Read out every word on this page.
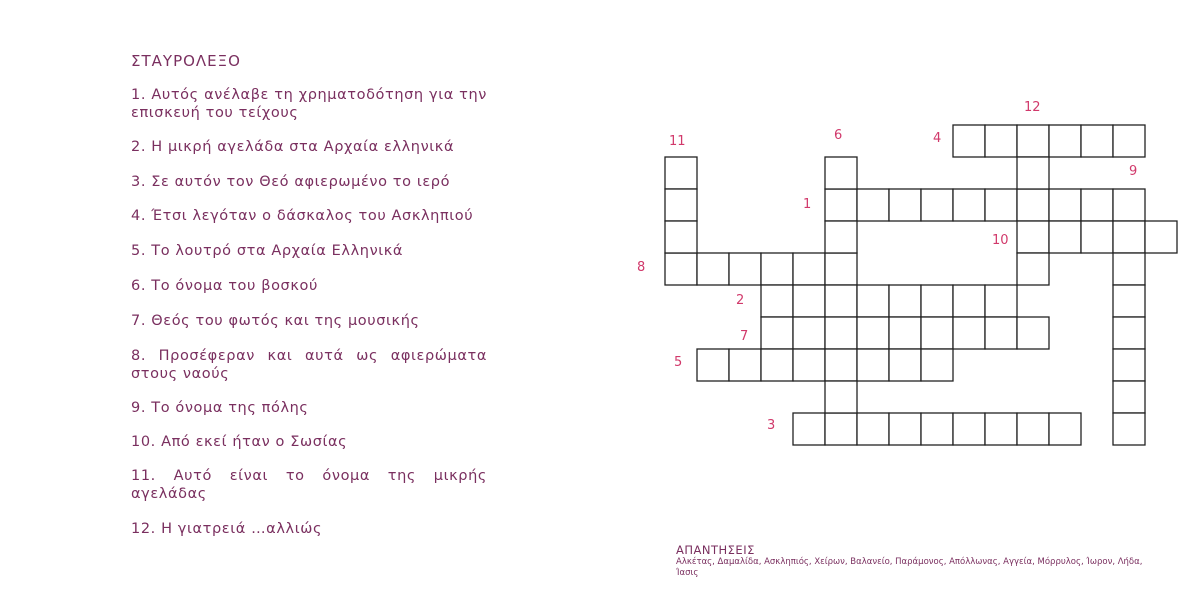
ΣΤΑΥΡΟΛΕΞΟ
1. Αυτός ανέλαβε τη χρηματοδότηση για την επισκευή του τείχους
2. Η μικρή αγελάδα στα Αρχαία ελληνικά
3. Σε αυτόν τον Θεό αφιερωμένο το ιερό
4. Έτσι λεγόταν ο δάσκαλος του Ασκληπιού
5. Το λουτρό στα Αρχαία Ελληνικά
6. Το όνομα του βοσκού
7. Θεός του φωτός και της μουσικής
8. Προσέφεραν και αυτά ως αφιερώματα στους ναούς
9. Το όνομα της πόλης
10. Από εκεί ήταν ο Σωσίας
11. Αυτό είναι το όνομα της μικρής αγελάδας
12. Η γιατρειά …αλλιώς
1
2
3
4
5
6
7
8
9
10
11
12
ΑΠΑΝΤΗΣΕΙΣ
Αλκέτας, Δαμαλίδα, Ασκληπιός, Χείρων, Βαλανείο, Παράμονος, Απόλλωνας, Αγγεία, Μόρρυλος, Ίωρον, Λήδα, Ίασις
